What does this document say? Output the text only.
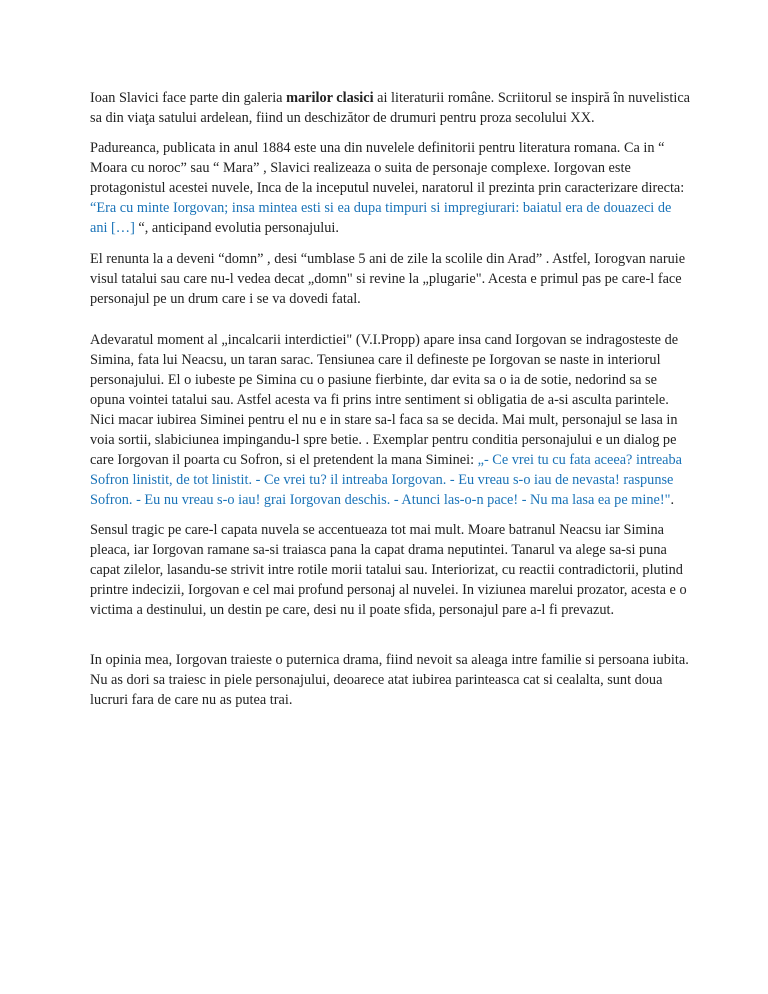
Ioan Slavici face parte din galeria marilor clasici ai literaturii române. Scriitorul se inspiră în nuvelistica sa din viaţa satului ardelean, fiind un deschizător de drumuri pentru proza secolului XX.

Padureanca, publicata in anul 1884 este una din nuvelele definitorii pentru literatura romana. Ca in “ Moara cu noroc” sau “ Mara” , Slavici realizeaza o suita de personaje complexe. Iorgovan este protagonistul acestei nuvele, Inca de la inceputul nuvelei, naratorul il prezinta prin caracterizare directa: “Era cu minte Iorgovan; insa mintea esti si ea dupa timpuri si impregiurari: baiatul era de douazeci de ani […] “, anticipand evolutia personajului.

El renunta la a deveni “domn” , desi “umblase 5 ani de zile la scolile din Arad” . Astfel, Iorogvan naruie visul tatalui sau care nu-l vedea decat „domn" si revine la „plugarie". Acesta e primul pas pe care-l face personajul pe un drum care i se va dovedi fatal.

Adevaratul moment al „incalcarii interdictiei" (V.I.Propp) apare insa cand Iorgovan se indragosteste de Simina, fata lui Neacsu, un taran sarac. Tensiunea care il defineste pe Iorgovan se naste in interiorul personajului. El o iubeste pe Simina cu o pasiune fierbinte, dar evita sa o ia de sotie, nedorind sa se opuna vointei tatalui sau. Astfel acesta va fi prins intre sentiment si obligatia de a-si asculta parintele. Nici macar iubirea Siminei pentru el nu e in stare sa-l faca sa se decida. Mai mult, personajul se lasa in voia sortii, slabiciunea impingandu-l spre betie. . Exemplar pentru conditia personajului e un dialog pe care Iorgovan il poarta cu Sofron, si el pretendent la mana Siminei: „- Ce vrei tu cu fata aceea? intreaba Sofron linistit, de tot linistit. - Ce vrei tu? il intreaba Iorgovan. - Eu vreau s-o iau de nevasta! raspunse Sofron. - Eu nu vreau s-o iau! grai Iorgovan deschis. - Atunci las-o-n pace! - Nu ma lasa ea pe mine!".

Sensul tragic pe care-l capata nuvela se accentueaza tot mai mult. Moare batranul Neacsu iar Simina pleaca, iar Iorgovan ramane sa-si traiasca pana la capat drama neputintei. Tanarul va alege sa-si puna capat zilelor, lasandu-se strivit intre rotile morii tatalui sau. Interiorizat, cu reactii contradictorii, plutind printre indecizii, Iorgovan e cel mai profund personaj al nuvelei. In viziunea marelui prozator, acesta e o victima a destinului, un destin pe care, desi nu il poate sfida, personajul pare a-l fi prevazut.

In opinia mea, Iorgovan traieste o puternica drama, fiind nevoit sa aleaga intre familie si persoana iubita. Nu as dori sa traiesc in piele personajului, deoarece atat iubirea parinteasca cat si cealalta, sunt doua lucruri fara de care nu as putea trai.
